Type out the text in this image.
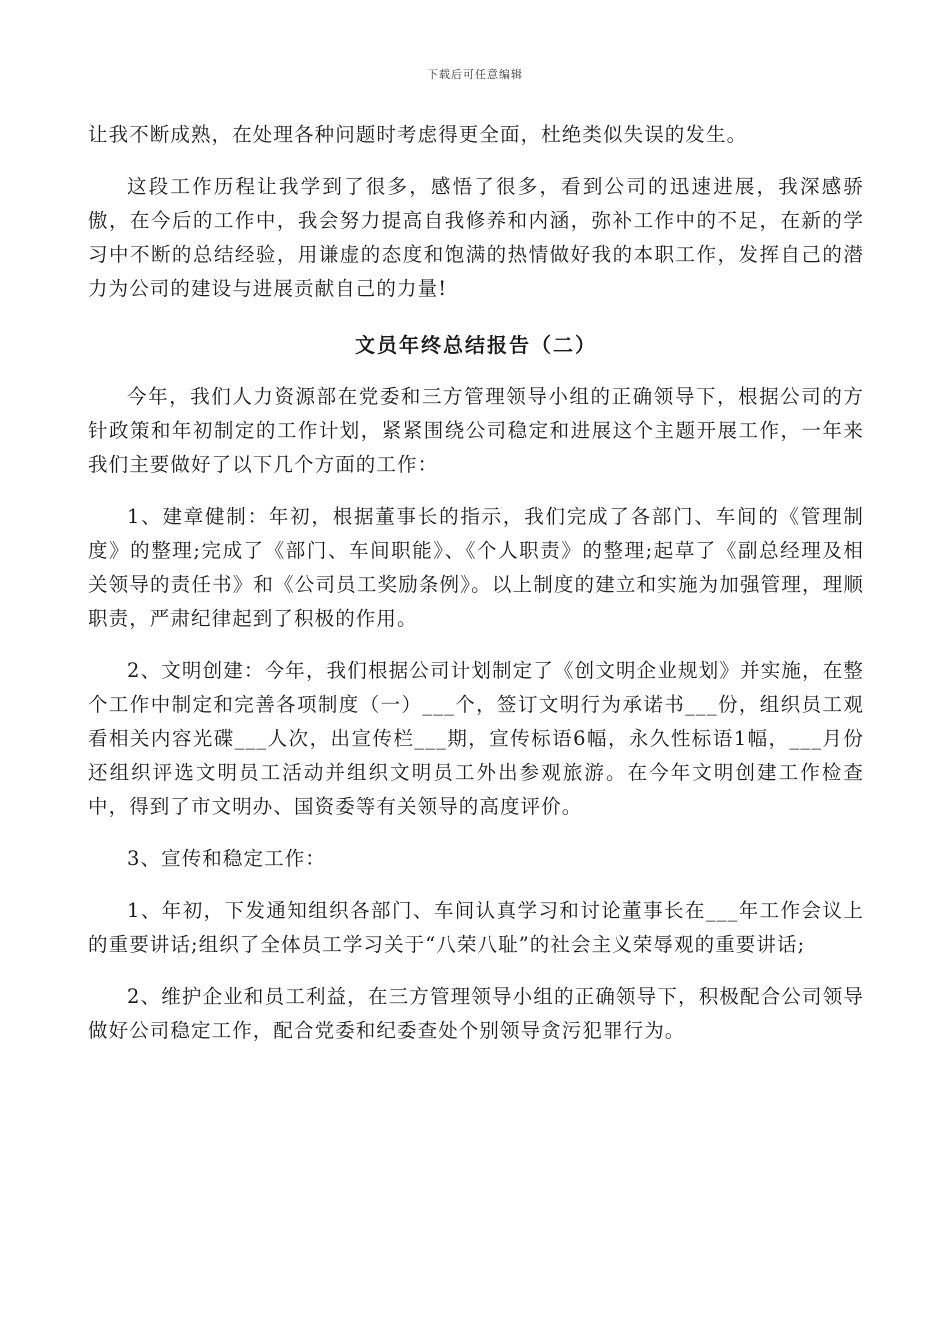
下载后可任意编辑

让我不断成熟，在处理各种问题时考虑得更全面，杜绝类似失误的发生。

这段工作历程让我学到了很多，感悟了很多，看到公司的迅速进展，我深感骄傲，在今后的工作中，我会努力提高自我修养和内涵，弥补工作中的不足，在新的学习中不断的总结经验，用谦虚的态度和饱满的热情做好我的本职工作，发挥自己的潜力为公司的建设与进展贡献自己的力量!

文员年终总结报告（二）

今年，我们人力资源部在党委和三方管理领导小组的正确领导下，根据公司的方针政策和年初制定的工作计划，紧紧围绕公司稳定和进展这个主题开展工作，一年来我们主要做好了以下几个方面的工作：

1、建章健制：年初，根据董事长的指示，我们完成了各部门、车间的《管理制度》的整理;完成了《部门、车间职能》、《个人职责》的整理;起草了《副总经理及相关领导的责任书》和《公司员工奖励条例》。以上制度的建立和实施为加强管理，理顺职责，严肃纪律起到了积极的作用。

2、文明创建：今年，我们根据公司计划制定了《创文明企业规划》并实施，在整个工作中制定和完善各项制度（一）___个，签订文明行为承诺书___份，组织员工观看相关内容光碟___人次，出宣传栏___期，宣传标语6幅，永久性标语1幅，___月份还组织评选文明员工活动并组织文明员工外出参观旅游。在今年文明创建工作检查中，得到了市文明办、国资委等有关领导的高度评价。

3、宣传和稳定工作：

1、年初，下发通知组织各部门、车间认真学习和讨论董事长在___年工作会议上的重要讲话;组织了全体员工学习关于“八荣八耻”的社会主义荣辱观的重要讲话;

2、维护企业和员工利益，在三方管理领导小组的正确领导下，积极配合公司领导做好公司稳定工作，配合党委和纪委查处个别领导贪污犯罪行为。
